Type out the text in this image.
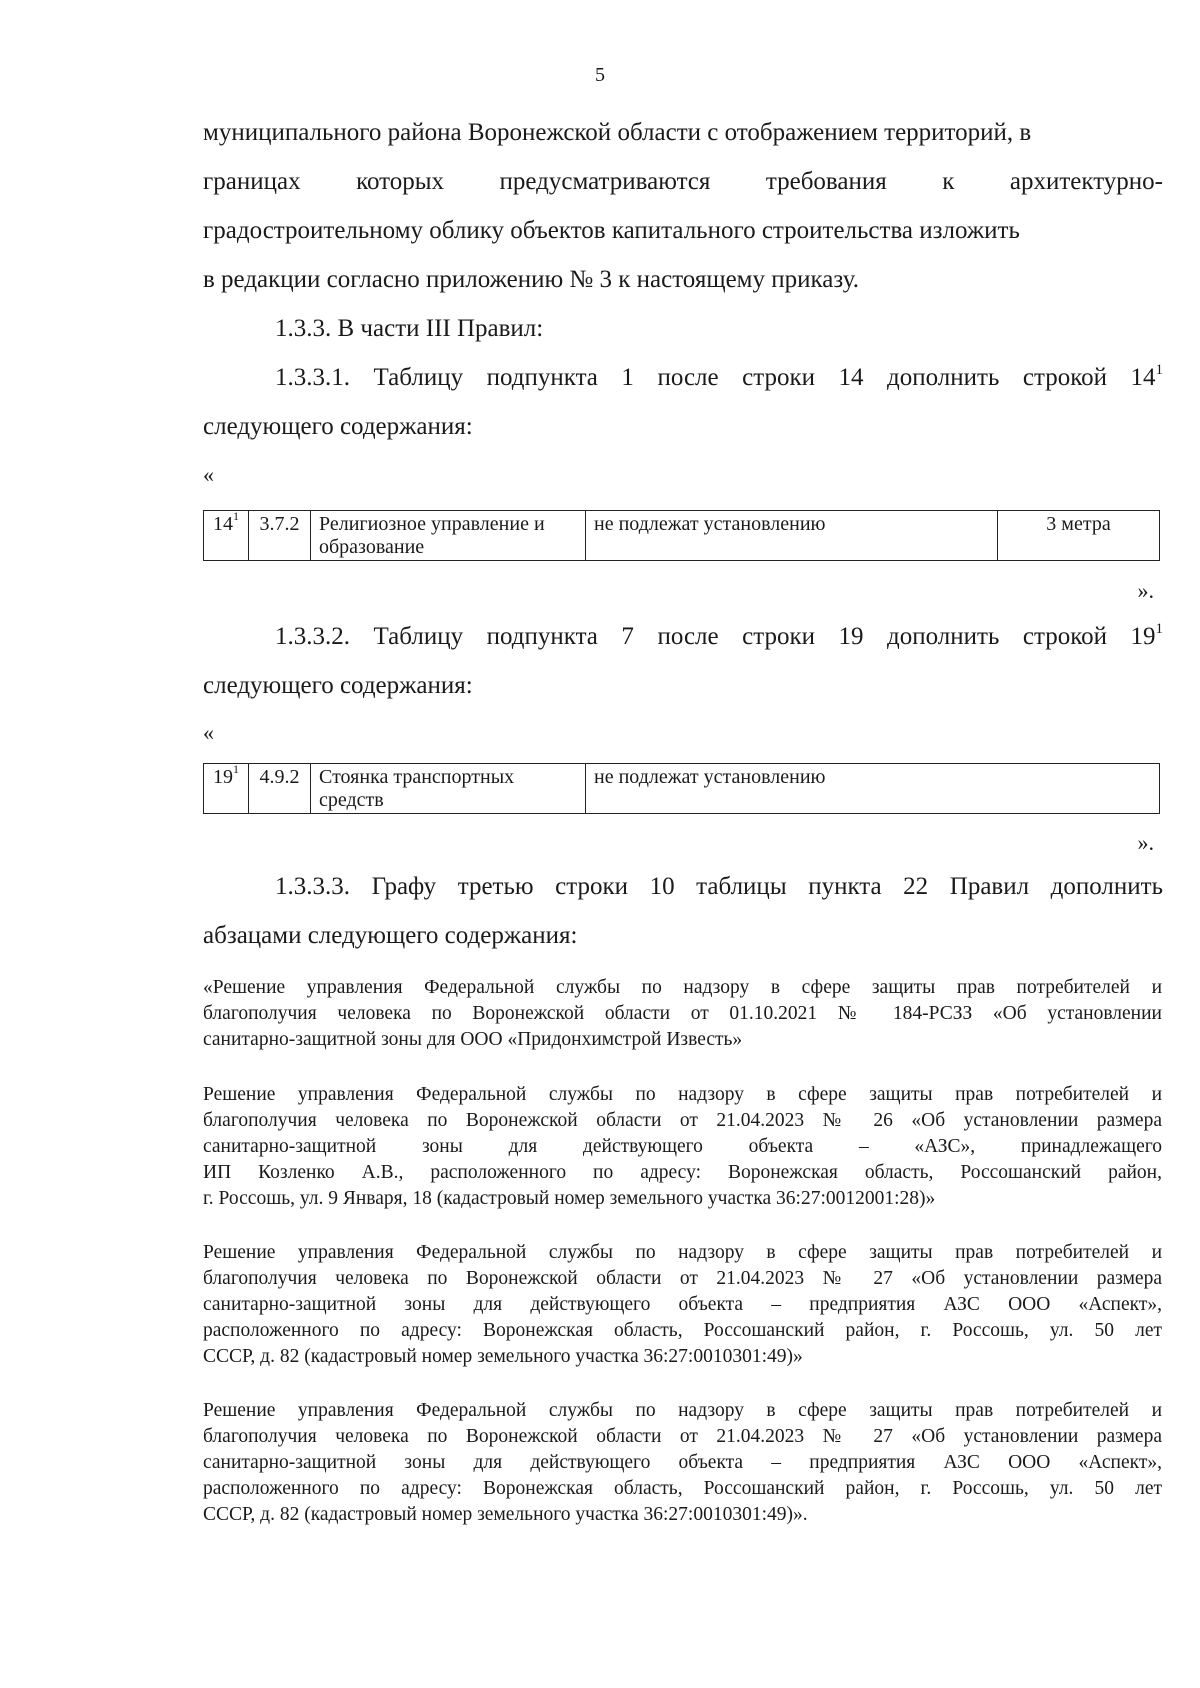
5
муниципального района Воронежской области с отображением территорий, в
границах которых предусматриваются требования к архитектурно-
градостроительному облику объектов капитального строительства изложить
в редакции согласно приложению № 3 к настоящему приказу.
1.3.3. В части III Правил:
1.3.3.1. Таблицу подпункта 1 после строки 14 дополнить строкой $14^1$
следующего содержания:
«
$14^1$	3.7.2	Религиозное управление и образование	не подлежат установлению	3 метра
».
1.3.3.2. Таблицу подпункта 7 после строки 19 дополнить строкой $19^1$
следующего содержания:
«
$19^1$	4.9.2	Стоянка транспортных средств	не подлежат установлению
».
1.3.3.3. Графу третью строки 10 таблицы пункта 22 Правил дополнить
абзацами следующего содержания:
«Решение управления Федеральной службы по надзору в сфере защиты прав потребителей и
благополучия человека по Воронежской области от 01.10.2021 № 184-РСЗЗ «Об установлении
санитарно-защитной зоны для ООО «Придонхимстрой Известь»
Решение управления Федеральной службы по надзору в сфере защиты прав потребителей и
благополучия человека по Воронежской области от 21.04.2023 № 26 «Об установлении размера
санитарно-защитной зоны для действующего объекта – «АЗС», принадлежащего
ИП Козленко А.В., расположенного по адресу: Воронежская область, Россошанский район,
г. Россошь, ул. 9 Января, 18 (кадастровый номер земельного участка 36:27:0012001:28)»
Решение управления Федеральной службы по надзору в сфере защиты прав потребителей и
благополучия человека по Воронежской области от 21.04.2023 № 27 «Об установлении размера
санитарно-защитной зоны для действующего объекта – предприятия АЗС ООО «Аспект»,
расположенного по адресу: Воронежская область, Россошанский район, г. Россошь, ул. 50 лет
СССР, д. 82 (кадастровый номер земельного участка 36:27:0010301:49)»
Решение управления Федеральной службы по надзору в сфере защиты прав потребителей и
благополучия человека по Воронежской области от 21.04.2023 № 27 «Об установлении размера
санитарно-защитной зоны для действующего объекта – предприятия АЗС ООО «Аспект»,
расположенного по адресу: Воронежская область, Россошанский район, г. Россошь, ул. 50 лет
СССР, д. 82 (кадастровый номер земельного участка 36:27:0010301:49)».
